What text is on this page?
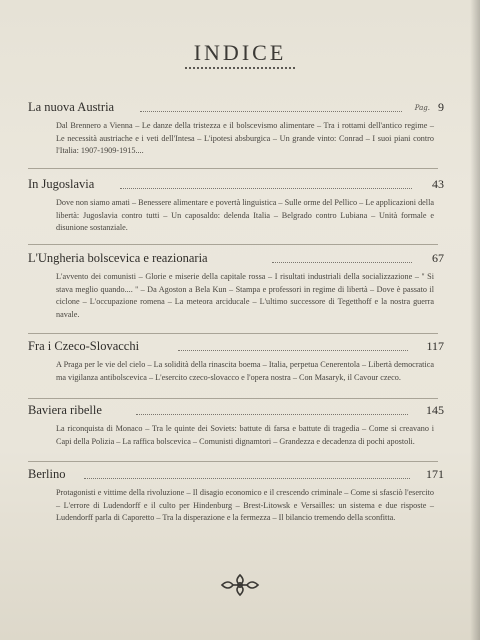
INDICE
La nuova Austria	Pag. 9
Dal Brennero a Vienna – Le danze della tristezza e il bolscevismo alimentare – Tra i rottami dell'antico regime – Le necessità austriache e i veti dell'Intesa – L'ipotesi absburgica – Un grande vinto: Conrad – I suoi piani contro l'Italia: 1907-1909-1915....
In Jugoslavia	43
Dove non siamo amati – Benessere alimentare e povertà linguistica – Sulle orme del Pellico – Le applicazioni della libertà: Jugoslavia contro tutti – Un caposaldo: delenda Italia – Belgrado contro Lubiana – Unità formale e disunione sostanziale.
L'Ungheria bolscevica e reazionaria	67
L'avvento dei comunisti – Glorie e miserie della capitale rossa – I risultati industriali della socializzazione – '' Si stava meglio quando.... '' – Da Agoston a Bela Kun – Stampa e professori in regime di libertà – Dove è passato il ciclone – L'occupazione romena – La meteora arciducale – L'ultimo successore di Tegetthoff e la nostra guerra navale.
Fra i Czeco-Slovacchi	117
A Praga per le vie del cielo – La solidità della rinascita boema – Italia, perpetua Cenerentola – Libertà democratica ma vigilanza antibolscevica – L'esercito czeco-slovacco e l'opera nostra – Con Masaryk, il Cavour czeco.
Baviera ribelle	145
La riconquista di Monaco – Tra le quinte dei Soviets: battute di farsa e battute di tragedia – Come si creavano i Capi della Polizia – La raffica bolscevica – Comunisti dignamtori – Grandezza e decadenza di pochi apostoli.
Berlino	171
Protagonisti e vittime della rivoluzione – Il disagio economico e il crescendo criminale – Come si sfasciò l'esercito – L'errore di Ludendorff e il culto per Hindenburg – Brest-Litowsk e Versailles: un sistema e due risposte – Ludendorff parla di Caporetto – Tra la disperazione e la fermezza – Il bilancio tremendo della sconfitta.
